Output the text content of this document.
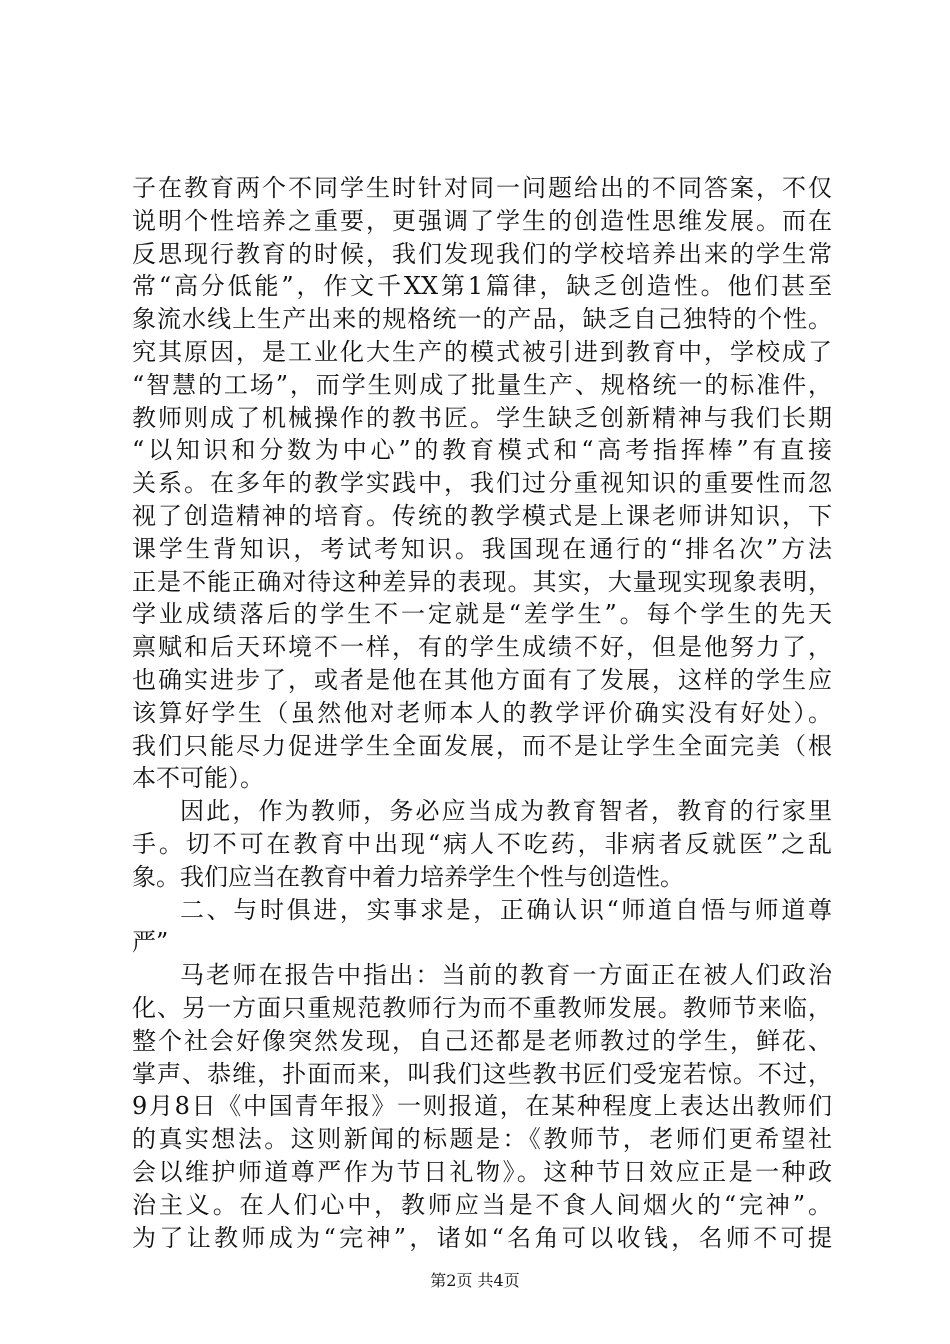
子在教育两个不同学生时针对同一问题给出的不同答案，不仅
说明个性培养之重要，更强调了学生的创造性思维发展。而在
反思现行教育的时候，我们发现我们的学校培养出来的学生常
常“高分低能”，作文千XX第1篇律，缺乏创造性。他们甚至
象流水线上生产出来的规格统一的产品，缺乏自己独特的个性。
究其原因，是工业化大生产的模式被引进到教育中，学校成了
“智慧的工场”，而学生则成了批量生产、规格统一的标准件，
教师则成了机械操作的教书匠。学生缺乏创新精神与我们长期
“以知识和分数为中心”的教育模式和“高考指挥棒”有直接
关系。在多年的教学实践中，我们过分重视知识的重要性而忽
视了创造精神的培育。传统的教学模式是上课老师讲知识，下
课学生背知识，考试考知识。我国现在通行的“排名次”方法
正是不能正确对待这种差异的表现。其实，大量现实现象表明，
学业成绩落后的学生不一定就是“差学生”。每个学生的先天
禀赋和后天环境不一样，有的学生成绩不好，但是他努力了，
也确实进步了，或者是他在其他方面有了发展，这样的学生应
该算好学生（虽然他对老师本人的教学评价确实没有好处）。
我们只能尽力促进学生全面发展，而不是让学生全面完美（根
本不可能）。
因此，作为教师，务必应当成为教育智者，教育的行家里
手。切不可在教育中出现“病人不吃药，非病者反就医”之乱
象。我们应当在教育中着力培养学生个性与创造性。
二、与时俱进，实事求是，正确认识“师道自悟与师道尊
严”
马老师在报告中指出：当前的教育一方面正在被人们政治
化、另一方面只重规范教师行为而不重教师发展。教师节来临，
整个社会好像突然发现，自己还都是老师教过的学生，鲜花、
掌声、恭维，扑面而来，叫我们这些教书匠们受宠若惊。不过，
9月8日《中国青年报》一则报道，在某种程度上表达出教师们
的真实想法。这则新闻的标题是：《教师节，老师们更希望社
会以维护师道尊严作为节日礼物》。这种节日效应正是一种政
治主义。在人们心中，教师应当是不食人间烟火的“完神”。
为了让教师成为“完神”，诸如“名角可以收钱，名师不可提
第2页 共4页
